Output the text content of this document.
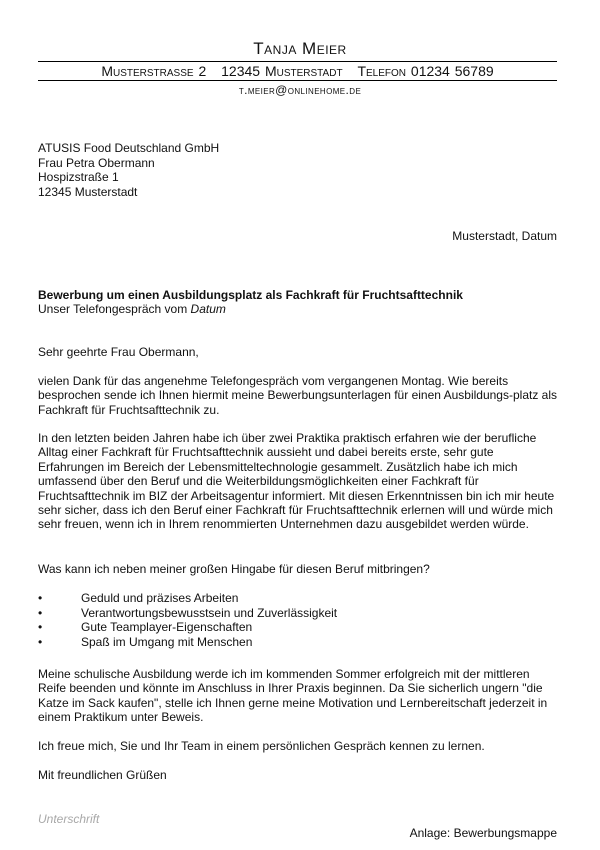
Tanja Meier
Musterstraße 2 12345 Musterstadt Telefon 01234 56789
t.meier@onlinehome.de
ATUSIS Food Deutschland GmbH
Frau Petra Obermann
Hospizstraße 1
12345 Musterstadt
Musterstadt, Datum
Bewerbung um einen Ausbildungsplatz als Fachkraft für Fruchtsafttechnik
Unser Telefongespräch vom Datum
Sehr geehrte Frau Obermann,
vielen Dank für das angenehme Telefongespräch vom vergangenen Montag. Wie bereits besprochen sende ich Ihnen hiermit meine Bewerbungsunterlagen für einen Ausbildungs-platz als Fachkraft für Fruchtsafttechnik zu.
In den letzten beiden Jahren habe ich über zwei Praktika praktisch erfahren wie der berufliche Alltag einer Fachkraft für Fruchtsafttechnik aussieht und dabei bereits erste, sehr gute Erfahrungen im Bereich der Lebensmitteltechnologie gesammelt. Zusätzlich habe ich mich umfassend über den Beruf und die Weiterbildungsmöglichkeiten einer Fachkraft für Fruchtsafttechnik im BIZ der Arbeitsagentur informiert. Mit diesen Erkenntnissen bin ich mir heute sehr sicher, dass ich den Beruf einer Fachkraft für Fruchtsafttechnik erlernen will und würde mich sehr freuen, wenn ich in Ihrem renommierten Unternehmen dazu ausgebildet werden würde.
Was kann ich neben meiner großen Hingabe für diesen Beruf mitbringen?
•	Geduld und präzises Arbeiten
•	Verantwortungsbewusstsein und Zuverlässigkeit
•	Gute Teamplayer-Eigenschaften
•	Spaß im Umgang mit Menschen
Meine schulische Ausbildung werde ich im kommenden Sommer erfolgreich mit der mittleren Reife beenden und könnte im Anschluss in Ihrer Praxis beginnen. Da Sie sicherlich ungern "die Katze im Sack kaufen", stelle ich Ihnen gerne meine Motivation und Lernbereitschaft jederzeit in einem Praktikum unter Beweis.
Ich freue mich, Sie und Ihr Team in einem persönlichen Gespräch kennen zu lernen.
Mit freundlichen Grüßen
Unterschrift
Anlage: Bewerbungsmappe
